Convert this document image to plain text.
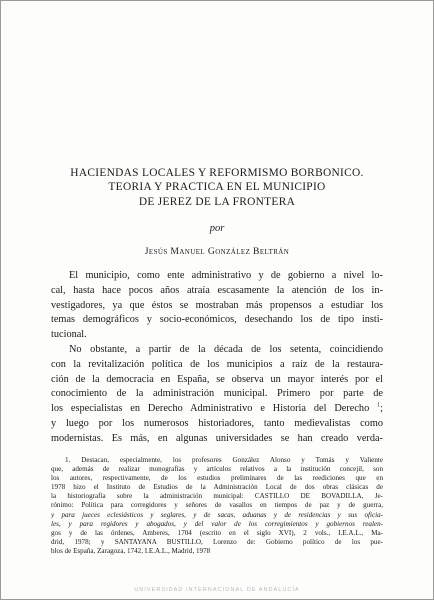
HACIENDAS LOCALES Y REFORMISMO BORBONICO.
TEORIA Y PRACTICA EN EL MUNICIPIO
DE JEREZ DE LA FRONTERA
por
Jesús Manuel González Beltrán

El municipio, como ente administrativo y de gobierno a nivel lo-
cal, hasta hace pocos años atraía escasamente la atención de los in-
vestigadores, ya que éstos se mostraban más propensos a estudiar los
temas demográficos y socio-económicos, desechando los de tipo insti-
tucional.

No obstante, a partir de la década de los setenta, coincidiendo
con la revitalización política de los municipios a raíz de la restaura-
ción de la democracia en España, se observa un mayor interés por el
conocimiento de la administración municipal. Primero por parte de
los especialistas en Derecho Administrativo e Historia del Derecho $^1$;
y luego por los numerosos historiadores, tanto medievalistas como
modernistas. Es más, en algunas universidades se han creado verda-

1. Destacan, especialmente, los profesores González Alonso y Tomás y Valiente
que, además de realizar monografías y artículos relativos a la institución concejil, son
los autores, respectivamente, de los estudios preliminares de las reediciones que en
1978 hizo el Instituto de Estudios de la Administración Local de dos obras clásicas de
la historiografía sobre la administración municipal: CASTILLO DE BOVADILLA, Je-
rónimo: Política para corregidores y señores de vasallos en tiempos de paz y de guerra,
y para jueces eclesiásticos y seglares, y de sacas, aduanas y de residencias y sus oficia-
les, y para regidores y abogados, y del valor de los corregimientos y gobiernos realen-
gos y de las órdenes, Amberes, 1704 (escrito en el siglo XVI), 2 vols., I.E.A.L., Ma-
drid, 1978; y SANTAYANA BUSTILLO, Lorenzo de: Gobierno político de los pue-
blos de España, Zaragoza, 1742, I.E.A.L., Madrid, 1978
UNIVERSIDAD INTERNACIONAL DE ANDALUCÍA
